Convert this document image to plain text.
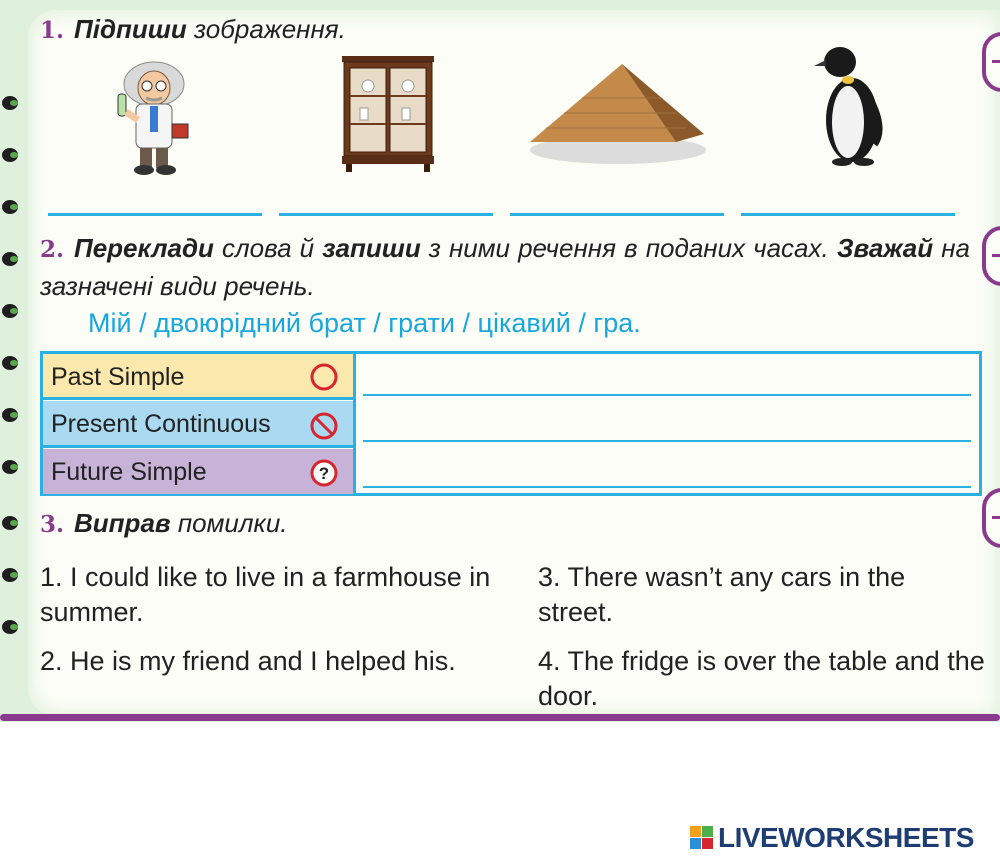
1. Підпиши зображення.
2. Переклади слова й запиши з ними речення в поданих часах. Зважай на зазначені види речень.
Мій / двоюрідний брат / грати / цікавий / гра.
Past Simple
Present Continuous
Future Simple	?
3. Виправ помилки.
1. I could like to live in a farmhouse in summer.
2. He is my friend and I helped his.
3. There wasn’t any cars in the street.
4. The fridge is over the table and the door.
LIVEWORKSHEETS
